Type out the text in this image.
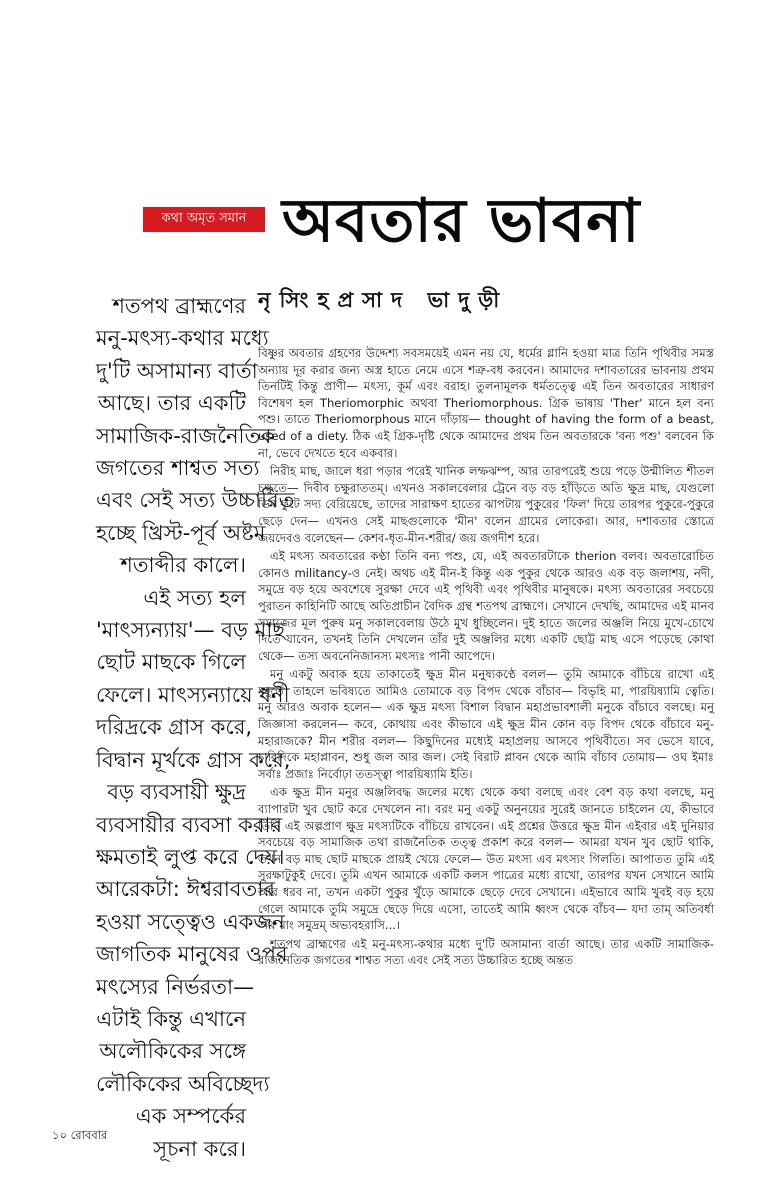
কথা অমৃত সমান অবতার ভাবনা
নৃসিংহপ্রসাদ ভাদুড়ী
শতপথ ব্রাহ্মণের
মনু-মৎস্য-কথার মধ্যে
দু'টি অসামান্য বার্তা
আছে। তার একটি
সামাজিক-রাজনৈতিক
জগতের শাশ্বত সত্য
এবং সেই সত্য উচ্চারিত
হচ্ছে খ্রিস্ট-পূর্ব অষ্টম
শতাব্দীর কালে।
এই সত্য হল
'মাৎস্যন্যায়'— বড় মাছ
ছোট মাছকে গিলে
ফেলে। মাৎস্যন্যায়ে ধনী
দরিদ্রকে গ্রাস করে,
বিদ্বান মূর্খকে গ্রাস করে,
বড় ব্যবসায়ী ক্ষুদ্র
ব্যবসায়ীর ব্যবসা করার
ক্ষমতাই লুপ্ত করে দেয়।
আরেকটা: ঈশ্বরাবতার
হওয়া সত্ত্বেও একজন
জাগতিক মানুষের ওপর
মৎস্যের নির্ভরতা—
এটাই কিন্তু এখানে
অলৌকিকের সঙ্গে
লৌকিকের অবিচ্ছেদ্য
এক সম্পর্কের
সূচনা করে।

বিষ্ণুর অবতার গ্রহণের উদ্দেশ্য সবসময়েই এমন নয় যে, ধর্মের গ্লানি হওয়া মাত্র তিনি পৃথিবীর সমস্ত অন্যায় দূর করার জন্য অস্ত্র হাতে নেমে এসে শত্রু-বধ করবেন। আমাদের দশাবতারের ভাবনায় প্রথম তিনটিই কিন্তু প্রাণী— মৎস্য, কূর্ম এবং বরাহ। তুলনামূলক ধর্মতত্ত্বে এই তিন অবতারের সাধারণ বিশেষণ হল Theriomorphic অথবা Theriomorphous. গ্রিক ভাষায় 'Ther' মানে হল বন্য পশু। তাতে Theriomorphous মানে দাঁড়ায়— thought of having the form of a beast, used of a diety. ঠিক এই গ্রিক-দৃষ্টি থেকে আমাদের প্রথম তিন অবতারকে 'বন্য পশু' বলবেন কি না, ভেবে দেখতে হবে একবার।

নিরীহ মাছ, জালে ধরা পড়ার পরেই খানিক লম্ফঝম্প, আর তারপরেই শুয়ে পড়ে উন্মীলিত শীতল চক্ষুতে— দিবীব চক্ষুরাততম্। এখনও সকালবেলার ট্রেনে বড় বড় হাঁড়িতে অতি ক্ষুদ্র মাছ, যেগুলো ডিম ফুটে সদ্য বেরিয়েছে, তাদের সারাক্ষণ হাতের ঝাপটায় পুকুরের 'ফিল' দিয়ে তারপর পুকুরে-পুকুরে ছেড়ে দেন— এখনও সেই মাছগুলোকে 'মীন' বলেন গ্রামের লোকেরা। আর, দশাবতার স্তোত্রে জয়দেবও বলেছেন— কেশব-ধৃত-মীন-শরীর/ জয় জগদীশ হরে।

এই মৎস্য অবতারের কণ্ঠা তিনি বন্য পশু, যে, এই অবতারটাকে therion বলব। অবতারোচিত কোনও militancy-ও নেই। অথচ এই মীন-ই কিন্তু এক পুকুর থেকে আরও এক বড় জলাশয়, নদী, সমুদ্রে বড় হয়ে অবশেষে সুরক্ষা দেবে এই পৃথিবী এবং পৃথিবীর মানুষকে। মৎস্য অবতারের সবচেয়ে পুরাতন কাহিনিটি আছে অতিপ্রাচীন বৈদিক গ্রন্থ শতপথ ব্রাহ্মণে। সেখানে দেখছি, আমাদের এই মানব সমাজের মূল পুরুষ মনু সকালবেলায় উঠে মুখ ধুচ্ছিলেন। দুই হাতে জলের অঞ্জলি নিয়ে মুখে-চোখে দিতে যাবেন, তখনই তিনি দেখলেন তাঁর দুই অঞ্জলির মধ্যে একটি ছোট্ট মাছ এসে পড়েছে কোথা থেকে— তস্য অবনেনিজানস্য মৎস্যঃ পানী আপেদে।

মনু একটু অবাক হয়ে তাকাতেই ক্ষুদ্র মীন মনুষ্যকণ্ঠে বলল— তুমি আমাকে বাঁচিয়ে রাখো এই মুহূর্তে। তাহলে ভবিষ্যতে আমিও তোমাকে বড় বিপদ থেকে বাঁচাব— বিভৃহি মা, পারয়িষ্যামি ত্বেতি। মনু আরও অবাক হলেন— এক ক্ষুদ্র মৎস্য বিশাল বিদ্বান মহাপ্রভাবশালী মনুকে বাঁচাবে বলছে। মনু জিজ্ঞাসা করলেন— কবে, কোথায় এবং কীভাবে এই ক্ষুদ্র মীন কোন বড় বিপদ থেকে বাঁচাবে মনু-মহারাজকে? মীন শরীর বলল— কিছুদিনের মধ্যেই মহাপ্রলয় আসবে পৃথিবীতে। সব ভেসে যাবে, চারিদিকে মহাপ্লাবন, শুধু জল আর জল। সেই বিরাট প্লাবন থেকে আমি বাঁচাব তোমায়— ওঘ ইমাঃ সর্বাঃ প্রজাঃ নির্বোঢ়া ততস্ত্বা পারয়িষ্যামি ইতি।

এক ক্ষুদ্র মীন মনুর অঞ্জলিবদ্ধ জলের মধ্যে থেকে কথা বলছে এবং বেশ বড় কথা বলছে, মনু ব্যাপারটা খুব ছোট করে দেখলেন না। বরং মনু একটু অনুনয়ের সুরেই জানতে চাইলেন যে, কীভাবে তিনি এই অল্পপ্রাণ ক্ষুদ্র মৎস্যটিকে বাঁচিয়ে রাখবেন। এই প্রশ্নের উত্তরে ক্ষুদ্র মীন এইবার এই দুনিয়ার সবচেয়ে বড় সামাজিক তথা রাজনৈতিক তত্ত্ব প্রকাশ করে বলল— আমরা যখন খুব ছোট থাকি, তখন বড় মাছ ছোট মাছকে প্রায়ই খেয়ে ফেলে— উত মৎস্য এব মৎস্যং গিলতি। আপাতত তুমি এই সুরক্ষাটুকুই দেবে। তুমি এখন আমাকে একটি কলস পাত্রের মধ্যে রাখো, তারপর যখন সেখানে আমি আর ধরব না, তখন একটা পুকুর খুঁড়ে আমাকে ছেড়ে দেবে সেখানে। এইভাবে আমি খুবই বড় হয়ে গেলে আমাকে তুমি সমুদ্রে ছেড়ে দিয়ে এসো, তাতেই আমি ধ্বংস থেকে বাঁচব— যদা তাম্ অতিবর্ধা অথ মাং সমুদ্রম্ অভ্যবহরাসি...।

শতপথ ব্রাহ্মণের এই মনু-মৎস্য-কথার মধ্যে দু'টি অসামান্য বার্তা আছে। তার একটি সামাজিক-রাজনৈতিক জগতের শাশ্বত সত্য এবং সেই সত্য উচ্চারিত হচ্ছে অন্তত

১০ রোববার
